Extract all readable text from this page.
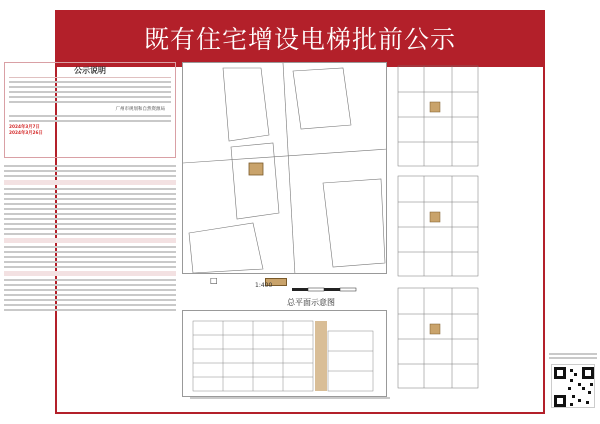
既有住宅增设电梯批前公示
公示说明
广州市规划和自然资源局
2024年3月7日
2024年3月26日
□
1:400
总平面示意图
